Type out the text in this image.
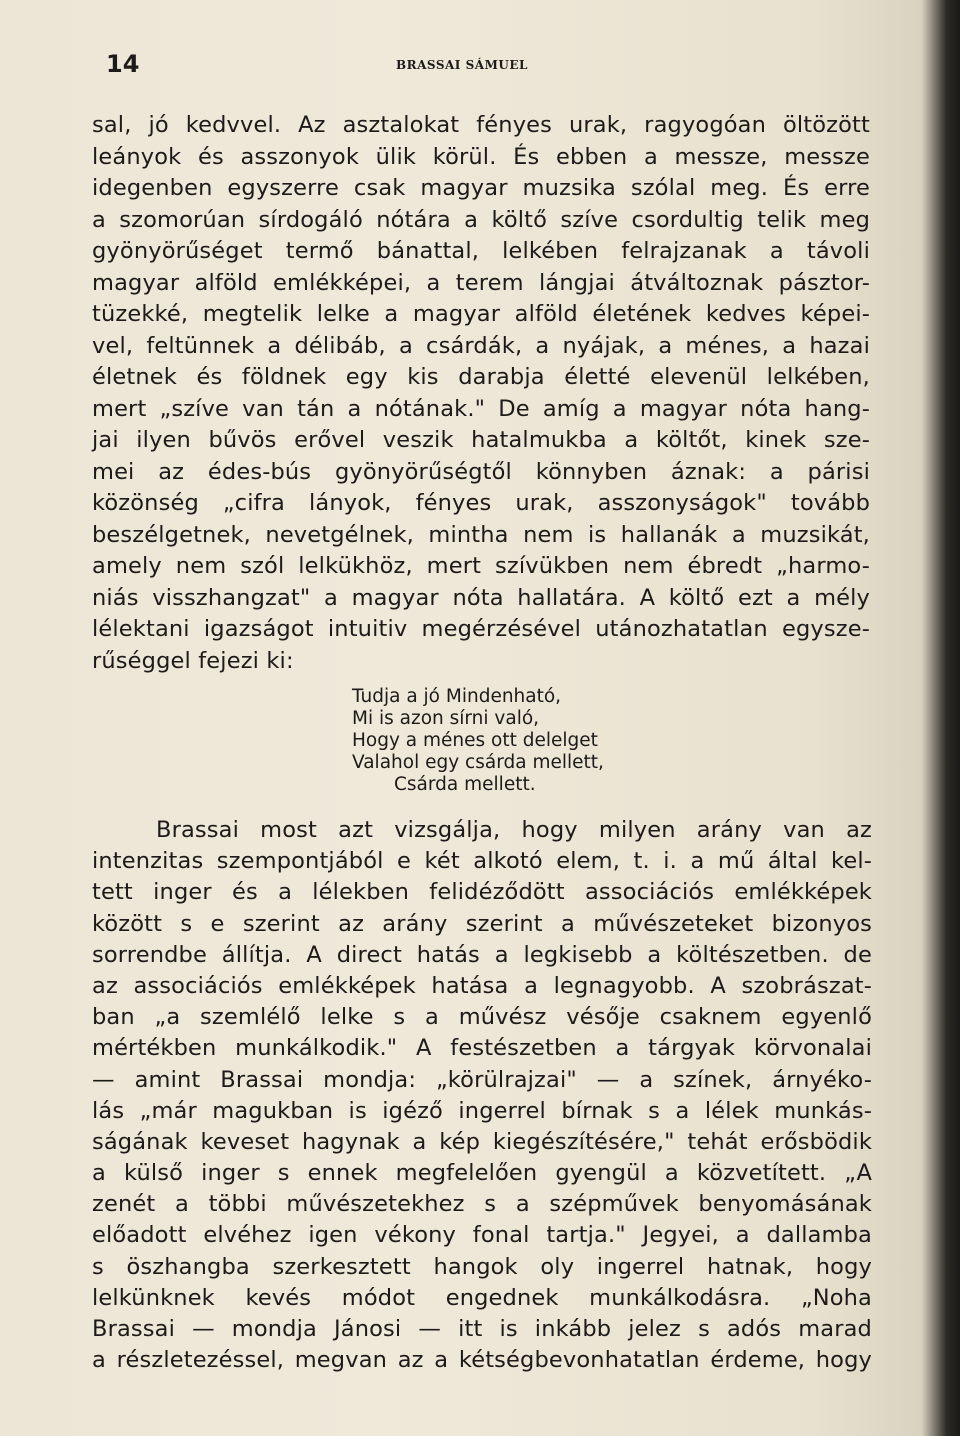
14	BRASSAI SÁMUEL
sal, jó kedvvel. Az asztalokat fényes urak, ragyogóan öltözött
leányok és asszonyok ülik körül. És ebben a messze, messze
idegenben egyszerre csak magyar muzsika szólal meg. És erre
a szomorúan sírdogáló nótára a költő szíve csordultig telik meg
gyönyörűséget termő bánattal, lelkében felrajzanak a távoli
magyar alföld emlékképei, a terem lángjai átváltoznak pásztor-
tüzekké, megtelik lelke a magyar alföld életének kedves képei-
vel, feltünnek a délibáb, a csárdák, a nyájak, a ménes, a hazai
életnek és földnek egy kis darabja életté elevenül lelkében,
mert „szíve van tán a nótának." De amíg a magyar nóta hang-
jai ilyen bűvös erővel veszik hatalmukba a költőt, kinek sze-
mei az édes-bús gyönyörűségtől könnyben áznak: a párisi
közönség „cifra lányok, fényes urak, asszonyságok" tovább
beszélgetnek, nevetgélnek, mintha nem is hallanák a muzsikát,
amely nem szól lelkükhöz, mert szívükben nem ébredt „harmo-
niás visszhangzat" a magyar nóta hallatára. A költő ezt a mély
lélektani igazságot intuitiv megérzésével utánozhatatlan egysze-
rűséggel fejezi ki:
Tudja a jó Mindenható,
Mi is azon sírni való,
Hogy a ménes ott delelget
Valahol egy csárda mellett,
Csárda mellett.
Brassai most azt vizsgálja, hogy milyen arány van az
intenzitas szempontjából e két alkotó elem, t. i. a mű által kel-
tett inger és a lélekben felidéződött associációs emlékképek
között s e szerint az arány szerint a művészeteket bizonyos
sorrendbe állítja. A direct hatás a legkisebb a költészetben. de
az associációs emlékképek hatása a legnagyobb. A szobrászat-
ban „a szemlélő lelke s a művész vésője csaknem egyenlő
mértékben munkálkodik." A festészetben a tárgyak körvonalai
— amint Brassai mondja: „körülrajzai" — a színek, árnyéko-
lás „már magukban is igéző ingerrel bírnak s a lélek munkás-
ságának keveset hagynak a kép kiegészítésére," tehát erősbödik
a külső inger s ennek megfelelően gyengül a közvetített. „A
zenét a többi művészetekhez s a szépművek benyomásának
előadott elvéhez igen vékony fonal tartja." Jegyei, a dallamba
s öszhangba szerkesztett hangok oly ingerrel hatnak, hogy
lelkünknek kevés módot engednek munkálkodásra. „Noha
Brassai — mondja Jánosi — itt is inkább jelez s adós marad
a részletezéssel, megvan az a kétségbevonhatatlan érdeme, hogy
